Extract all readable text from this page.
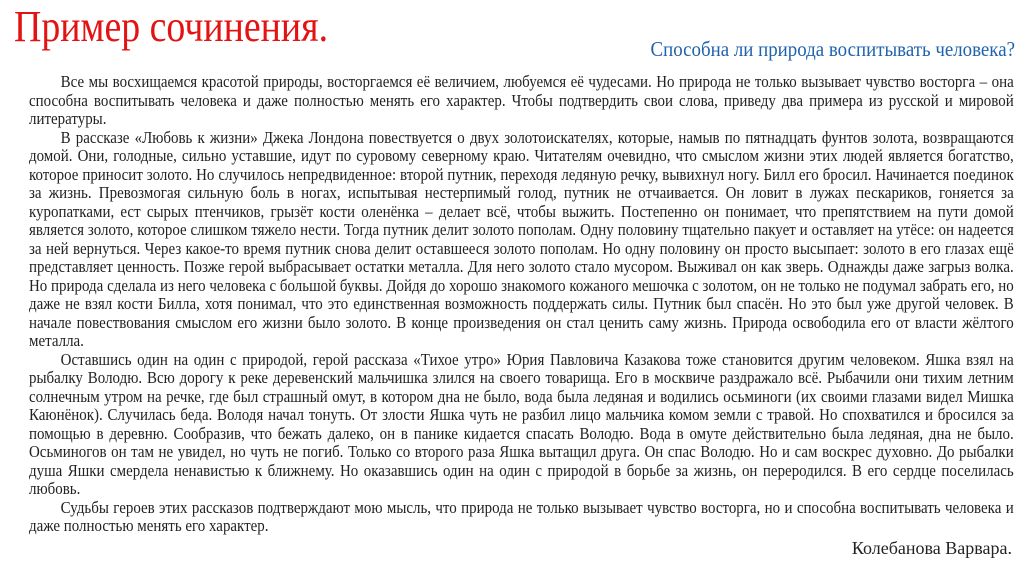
Пример сочинения.	Способна ли природа воспитывать человека?

Все мы восхищаемся красотой природы, восторгаемся её величием, любуемся её чудесами. Но природа не только вызывает чувство восторга – она способна воспитывать человека и даже полностью менять его характер. Чтобы подтвердить свои слова, приведу два примера из русской и мировой литературы.

В рассказе «Любовь к жизни» Джека Лондона повествуется о двух золотоискателях, которые, намыв по пятнадцать фунтов золота, возвращаются домой. Они, голодные, сильно уставшие, идут по суровому северному краю. Читателям очевидно, что смыслом жизни этих людей является богатство, которое приносит золото. Но случилось непредвиденное: второй путник, переходя ледяную речку, вывихнул ногу. Билл его бросил. Начинается поединок за жизнь. Превозмогая сильную боль в ногах, испытывая нестерпимый голод, путник не отчаивается. Он ловит в лужах пескариков, гоняется за куропатками, ест сырых птенчиков, грызёт кости оленёнка – делает всё, чтобы выжить. Постепенно он понимает, что препятствием на пути домой является золото, которое слишком тяжело нести. Тогда путник делит золото пополам. Одну половину тщательно пакует и оставляет на утёсе: он надеется за ней вернуться. Через какое-то время путник снова делит оставшееся золото пополам. Но одну половину он просто высыпает: золото в его глазах ещё представляет ценность. Позже герой выбрасывает остатки металла. Для него золото стало мусором. Выживал он как зверь. Однажды даже загрыз волка. Но природа сделала из него человека с большой буквы. Дойдя до хорошо знакомого кожаного мешочка с золотом, он не только не подумал забрать его, но даже не взял кости Билла, хотя понимал, что это единственная возможность поддержать силы. Путник был спасён. Но это был уже другой человек. В начале повествования смыслом его жизни было золото. В конце произведения он стал ценить саму жизнь. Природа освободила его от власти жёлтого металла.

Оставшись один на один с природой, герой рассказа «Тихое утро» Юрия Павловича Казакова тоже становится другим человеком. Яшка взял на рыбалку Володю. Всю дорогу к реке деревенский мальчишка злился на своего товарища. Его в москвиче раздражало всё. Рыбачили они тихим летним солнечным утром на речке, где был страшный омут, в котором дна не было, вода была ледяная и водились осьминоги (их своими глазами видел Мишка Каюнёнок). Случилась беда. Володя начал тонуть. От злости Яшка чуть не разбил лицо мальчика комом земли с травой. Но спохватился и бросился за помощью в деревню. Сообразив, что бежать далеко, он в панике кидается спасать Володю. Вода в омуте действительно была ледяная, дна не было. Осьминогов он там не увидел, но чуть не погиб. Только со второго раза Яшка вытащил друга. Он спас Володю. Но и сам воскрес духовно. До рыбалки душа Яшки смердела ненавистью к ближнему. Но оказавшись один на один с природой в борьбе за жизнь, он переродился. В его сердце поселилась любовь.

Судьбы героев этих рассказов подтверждают мою мысль, что природа не только вызывает чувство восторга, но и способна воспитывать человека и даже полностью менять его характер.

Колебанова Варвара.
